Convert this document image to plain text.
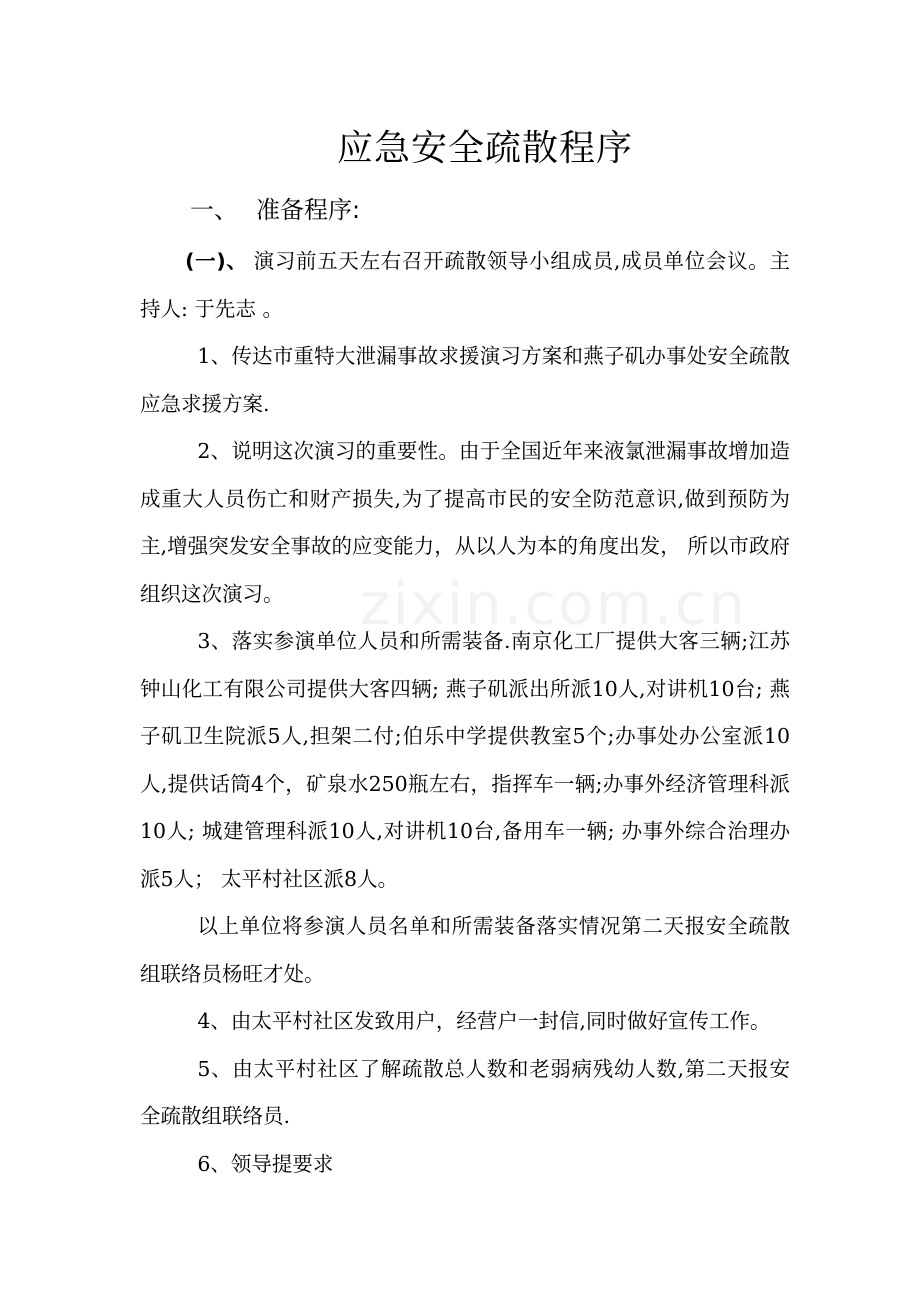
zixin.com.cn
应急安全疏散程序
一、 准备程序:

(一)、 演习前五天左右召开疏散领导小组成员,成员单位会议。主持人: 于先志 。

1、传达市重特大泄漏事故求援演习方案和燕子矶办事处安全疏散应急求援方案.

2、说明这次演习的重要性。由于全国近年来液氯泄漏事故增加造成重大人员伤亡和财产损失,为了提高市民的安全防范意识,做到预防为主,增强突发安全事故的应变能力，从以人为本的角度出发， 所以市政府组织这次演习。

3、落实参演单位人员和所需装备.南京化工厂提供大客三辆;江苏钟山化工有限公司提供大客四辆; 燕子矶派出所派10人,对讲机10台; 燕子矶卫生院派5人,担架二付;伯乐中学提供教室5个;办事处办公室派10人,提供话筒4个，矿泉水250瓶左右，指挥车一辆;办事外经济管理科派10人; 城建管理科派10人,对讲机10台,备用车一辆; 办事外综合治理办派5人； 太平村社区派8人。

以上单位将参演人员名单和所需装备落实情况第二天报安全疏散组联络员杨旺才处。

4、由太平村社区发致用户，经营户一封信,同时做好宣传工作。

5、由太平村社区了解疏散总人数和老弱病残幼人数,第二天报安全疏散组联络员.

6、领导提要求
